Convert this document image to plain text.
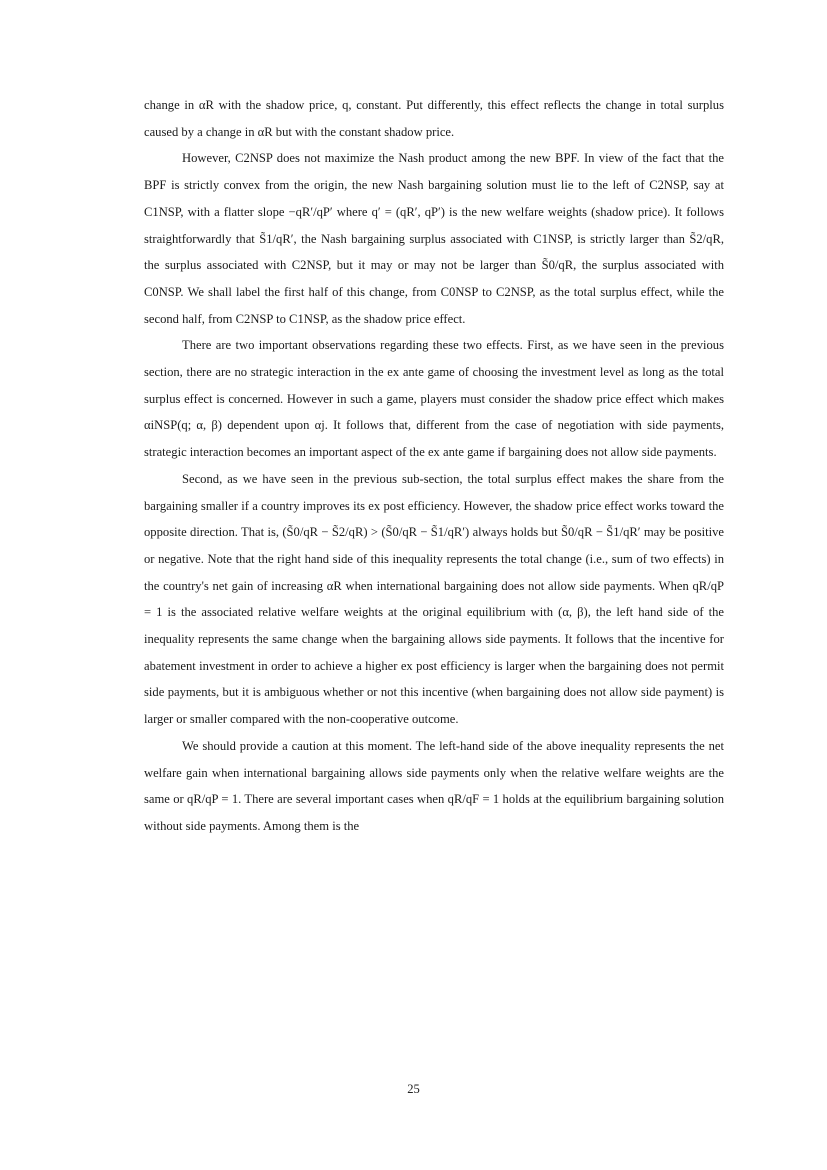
change in αR with the shadow price, q, constant. Put differently, this effect reflects the change in total surplus caused by a change in αR but with the constant shadow price.

However, C2NSP does not maximize the Nash product among the new BPF. In view of the fact that the BPF is strictly convex from the origin, the new Nash bargaining solution must lie to the left of C2NSP, say at C1NSP, with a flatter slope −qR′/qP′ where q′ = (qR′, qP′) is the new welfare weights (shadow price). It follows straightforwardly that S̃1/qR′, the Nash bargaining surplus associated with C1NSP, is strictly larger than S̃2/qR, the surplus associated with C2NSP, but it may or may not be larger than S̃0/qR, the surplus associated with C0NSP. We shall label the first half of this change, from C0NSP to C2NSP, as the total surplus effect, while the second half, from C2NSP to C1NSP, as the shadow price effect.

There are two important observations regarding these two effects. First, as we have seen in the previous section, there are no strategic interaction in the ex ante game of choosing the investment level as long as the total surplus effect is concerned. However in such a game, players must consider the shadow price effect which makes αiNSP(q; α, β) dependent upon αj. It follows that, different from the case of negotiation with side payments, strategic interaction becomes an important aspect of the ex ante game if bargaining does not allow side payments.

Second, as we have seen in the previous sub-section, the total surplus effect makes the share from the bargaining smaller if a country improves its ex post efficiency. However, the shadow price effect works toward the opposite direction. That is, (S̃0/qR − S̃2/qR) > (S̃0/qR − S̃1/qR′) always holds but S̃0/qR − S̃1/qR′ may be positive or negative. Note that the right hand side of this inequality represents the total change (i.e., sum of two effects) in the country's net gain of increasing αR when international bargaining does not allow side payments. When qR/qP = 1 is the associated relative welfare weights at the original equilibrium with (α, β), the left hand side of the inequality represents the same change when the bargaining allows side payments. It follows that the incentive for abatement investment in order to achieve a higher ex post efficiency is larger when the bargaining does not permit side payments, but it is ambiguous whether or not this incentive (when bargaining does not allow side payment) is larger or smaller compared with the non-cooperative outcome.

We should provide a caution at this moment. The left-hand side of the above inequality represents the net welfare gain when international bargaining allows side payments only when the relative welfare weights are the same or qR/qP = 1. There are several important cases when qR/qF = 1 holds at the equilibrium bargaining solution without side payments. Among them is the

25
